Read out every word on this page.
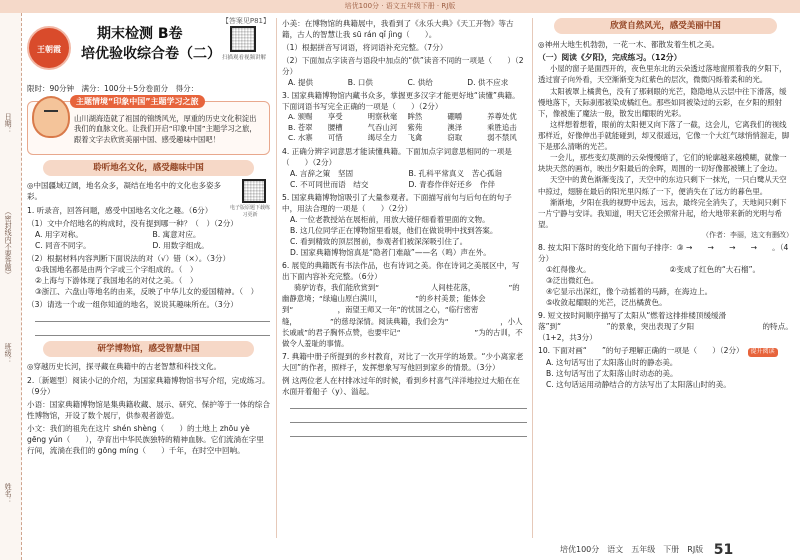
培优100分 · 语文五年级下册 · RJ版
日期：
（密封线内不要答题）
班级：
姓名：
【答案见P81】
王朝霞
期末检测 B卷
培优验收综合卷（二） 扫描观看视频讲解
限时：90分钟　满分：100分＋5分卷面分　得分：
主题情境“印象中国”主题学习之旅

山川湖海造就了祖国的锦绣风光，厚重的历史文化积淀出我们的血脉文化。让我们开启“印象中国”主题学习之旅，跟着文字去欣赏美丽中国、感受趣味中国吧！

聆听地名文化，感受趣味中国
电子版原题下载练习更新

◎中国疆域辽阔，地名众多，凝结在地名中的文化也多姿多彩。

1. 听录音，回答问题，感受中国地名文化之趣。（6分）

（1）文中介绍地名的构成时，没有提到哪一种？（　）（2分）

A. 用字对称。	B. 寓意对应。
C. 同音不同字。	D. 用数字组成。

（2）根据材料内容判断下面说法的对（√）错（×）。（3分）

①我国地名都是由两个字或三个字组成的。（　）

②上海与下游体现了我国地名的对仗之美。（　）

③浙江、六盘山等地名的由来，反映了中华儿女的爱国精神。（　）

（3）请选一个或一组你知道的地名，说说其趣味所在。（3分）

研学博物馆，感受智慧中国

◎穿越历史长河，探寻藏在典籍中的古老智慧和科技文化。

2.〔新题型〕阅读小记的介绍，为国家典籍博物馆书写介绍，完成练习。（9分）

小语：国家典籍博物馆是集典籍收藏、展示、研究、保护等于一体的综合性博物馆，开设了数个展厅，供参观者游览。

小文：我们的祖先在这片 shén shèng（　　）的土地上 zhōu yè gēng yún（　　），孕育出中华民族独特的精神血脉。它们流淌在字里行间，流淌在我们的 gōng míng（　　）千年，在时空中回响。

小美：在博物馆的典籍展中，我看到了《永乐大典》《天工开物》等古籍，古人的智慧让我 sū rán qǐ jìng（　　）。

（1）根据拼音写词语，将词语补充完整。（7分）

（2）下面加点字读音与语段中加点的“供”读音不同的一项是（　　）（2分）

A. 提供	B. 口供	C. 供给	D. 供不应求

3. 国家典籍博物馆内藏书众多，掌握更多汉字才能更好地“读懂”典籍。下面词语书写完全正确的一项是（　　）（2分）

A. 颁赐	享受	明察秋毫	眸然	硼嚼	养尊处优
B. 苍翠	腰槽	气吞山河	紫苑	澳泽	乘胜追击
C. 水寨	可惜	竭尽全力	飞禽	窃取	弱不禁风

4. 正确分辨字词意思才能读懂典籍。下面加点字词意思相同的一项是（　　）（2分）

A. 言辞之策　坚固	B. 孔科平常真义　苦心孤诣
C. 不可同世而语　结交	D. 青春作伴好还乡　作伴

5. 国家典籍博物馆吸引了大量参观者。下面描写前句与后句在的句子中，用法合理的一项是（　　）（2分）

A. 一位老教授站在展柜前，用放大镜仔细看着里面的文物。

B. 这几位同学正在博物馆里看展，他们在做说明中找到答案。

C. 看到精致的顶层图前，参观者们被深深吸引住了。

D. 国家典籍博物馆真是“隐者门难敲”——名（鸣）声在外。

6. 展览的典籍既有书法作品，也有诗词之美。你在诗词之美展区中，写出下面内容补充完整。（6分）

骑驴访春，我们能欣赏到“　　　　　　　人间桂花落，　　　　　”的幽静意境；“绿遍山原白满川，　　　　　”的乡村美景；能体会到“　　　　　　，南望王师又一年”的忧国之心，“临行密密缝，　　　　　”的慈母深情。阅读典籍，我们会为“　　　　　　　，小人长戚戚”的君子胸怀点赞，也要牢记“　　　　　　　　　　”为的古训，不做令人羞耻的事情。

7. 典籍中册子所提到的乡村教育，对比了一次开学的场景。“少小离家老大回”的作者，照样子，发挥想象写写他回到家乡的情景。（3分）

例 这两位老人在村排冰过年的时候，看到乡村喜气洋洋地拉过大船在在水面开着船子（y）、溢起。

欣赏自然风光，感受美丽中国

◎神州大地生机勃勃，一花一木、都散发着生机之美。

（一）阅读《夕阳》，完成练习。（12分）

小屋的窗子是面西开的，夜色里东北的云朵透过落地窗照着我的夕阳下，透过窗子向外看，天空渐渐变为红紫色的层次，微微闪烁着柔和的光。

太阳被罩上橘黄色，没有了那刺眼的光芒，隐隐地从云层中往下滑落，缓慢地落下，天际刹那被染成橘红色。那些如同被染过的云彩，在夕阳的照射下，像被施了魔法一般，散发出耀眼的光彩。

这样想着想着，眼前的太阳便又向下落了一截，这会儿，它离我们的视线那样近，好像伸出手就能碰到，却又很遥远，它像一个大红气球悄悄溜走，脚下是那么清晰的光芒。

一会儿，那些变幻莫测的云朵慢慢暗了，它们的轮廓越来越模糊，就像一块块天然的画布，映出夕阳最后的余晖，周围的一切好像都被镶上了金边。

天空中的黄色渐渐变浅了，天空中的东边只剩下一抹光，一只白鹭从天空中掠过，翅膀在最后的阳光里闪烁了一下，便消失在了远方的暮色里。

渐渐地，夕阳在我的视野中远去，远去，最终完全消失了，天地间只剩下一片宁静与安详。我知道，明天它还会照常升起，给大地带来新的光明与希望。

（作者：李丽，选文有删改）

8. 按太阳下落时的变化给下面句子排序：③ →　　→　　→　　→　　。（4分）

①红得像火。	②变成了红色的“大石榴”。
③泛出微红色。
④它显示出深红，像个动摇着的马蹄，在海边上。
⑤收敛起耀眼的光芒，泛出橘黄色。

9. 短文按时间顺序描写了太阳从“燃着这排排楼顶缓缓滑落”到“　　　　　　”的景象，突出表现了夕阳　　　　　　　　　的特点。（1+2，共3分）

10. 下面对画“　　”的句子理解正确的一项是（　　）（2分） 提升阅读

A. 这句话写出了太阳落山时的静态美。

B. 这句话写出了太阳落山时动态的美。

C. 这句话运用动静结合的方法写出了太阳落山时的美。

培优100分　语文　五年级　下册　RJ版 51
